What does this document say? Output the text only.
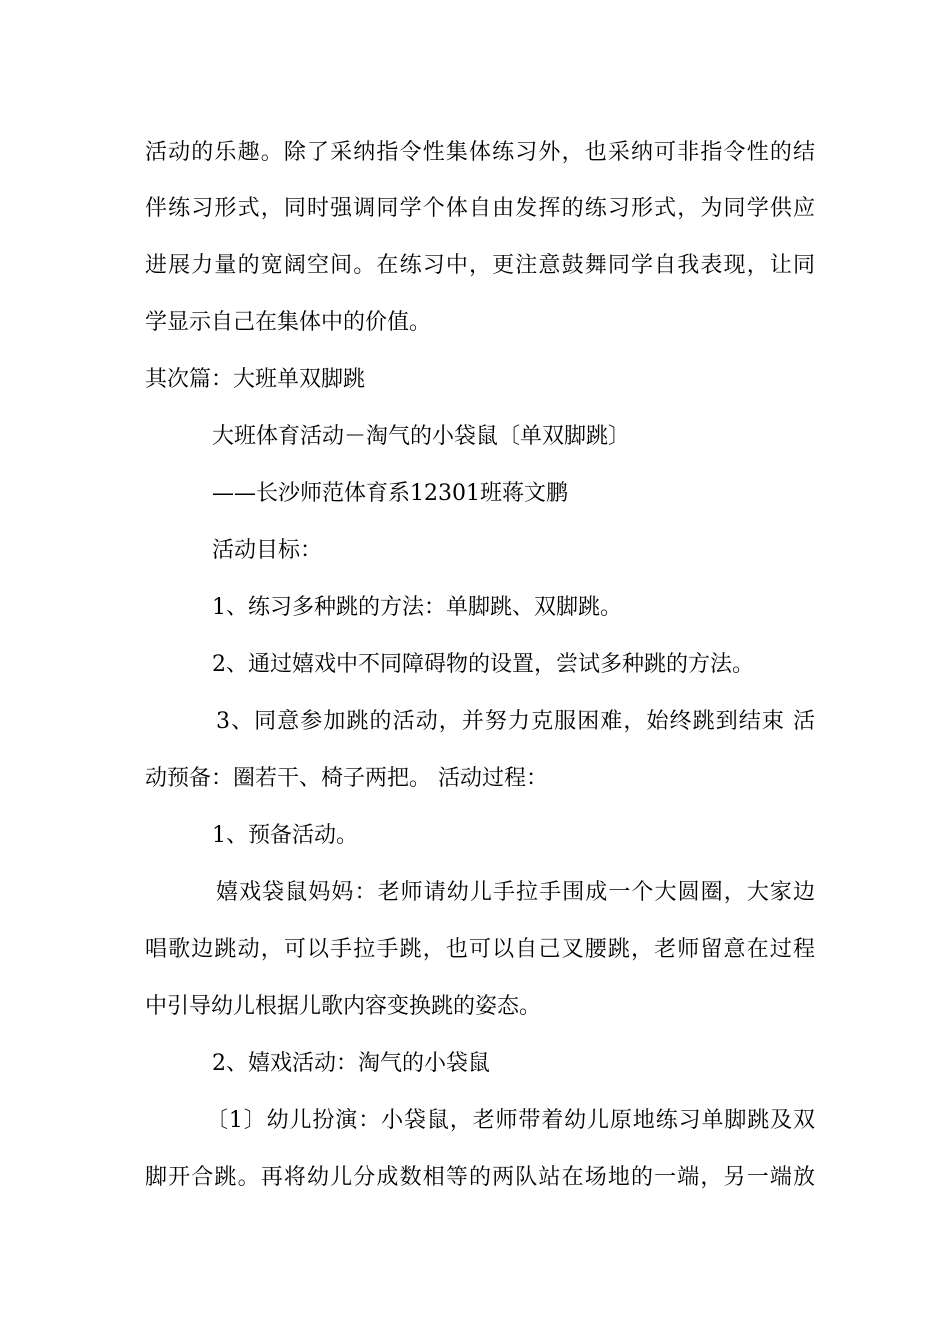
活动的乐趣。除了采纳指令性集体练习外，也采纳可非指令性的结
伴练习形式，同时强调同学个体自由发挥的练习形式，为同学供应
进展力量的宽阔空间。在练习中，更注意鼓舞同学自我表现，让同
学显示自己在集体中的价值。
其次篇：大班单双脚跳
大班体育活动－淘气的小袋鼠〔单双脚跳〕
——长沙师范体育系12301班蒋文鹏
活动目标：
1、练习多种跳的方法：单脚跳、双脚跳。
2、通过嬉戏中不同障碍物的设置，尝试多种跳的方法。
3、同意参加跳的活动，并努力克服困难，始终跳到结束 活
动预备：圈若干、椅子两把。 活动过程：
1、预备活动。
嬉戏袋鼠妈妈：老师请幼儿手拉手围成一个大圆圈，大家边
唱歌边跳动，可以手拉手跳，也可以自己叉腰跳，老师留意在过程
中引导幼儿根据儿歌内容变换跳的姿态。
2、嬉戏活动：淘气的小袋鼠
〔1〕幼儿扮演：小袋鼠，老师带着幼儿原地练习单脚跳及双
脚开合跳。再将幼儿分成数相等的两队站在场地的一端，另一端放
